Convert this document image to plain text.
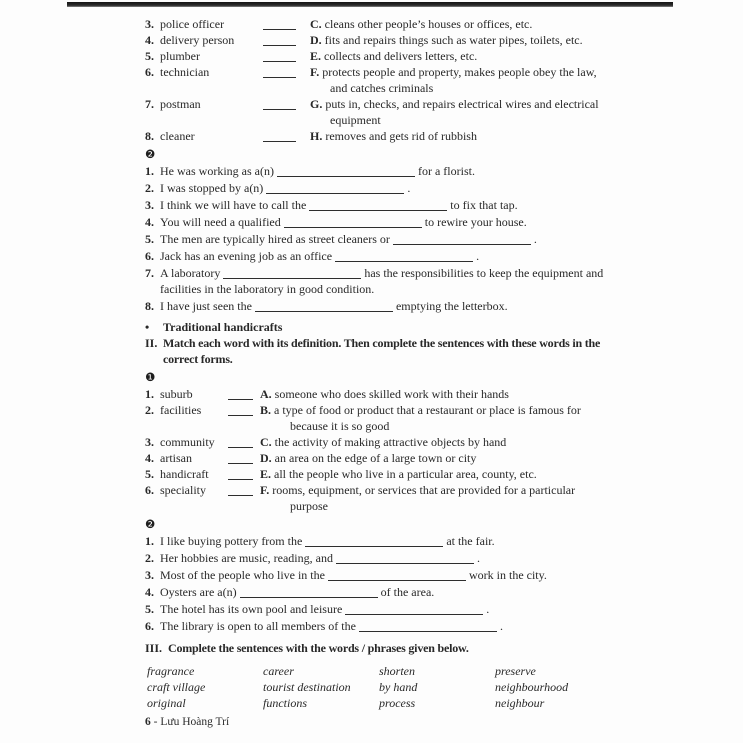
3. police officer	C. cleans other people’s houses or offices, etc.
4. delivery person	D. fits and repairs things such as water pipes, toilets, etc.
5. plumber	E. collects and delivers letters, etc.
6. technician	F. protects people and property, makes people obey the law, and catches criminals
7. postman	G. puts in, checks, and repairs electrical wires and electrical equipment
8. cleaner	H. removes and gets rid of rubbish
❷
1. He was working as a(n)	for a florist.
2. I was stopped by a(n)	.
3. I think we will have to call the	to fix that tap.
4. You will need a qualified	to rewire your house.
5. The men are typically hired as street cleaners or	.
6. Jack has an evening job as an office	.
7. A laboratory	has the responsibilities to keep the equipment and facilities in the laboratory in good condition.
8. I have just seen the	emptying the letterbox.
•	Traditional handicrafts
II. Match each word with its definition. Then complete the sentences with these words in the correct forms.
❶
1. suburb	A. someone who does skilled work with their hands
2. facilities	B. a type of food or product that a restaurant or place is famous for because it is so good
3. community	C. the activity of making attractive objects by hand
4. artisan	D. an area on the edge of a large town or city
5. handicraft	E. all the people who live in a particular area, county, etc.
6. speciality	F. rooms, equipment, or services that are provided for a particular purpose
❷
1. I like buying pottery from the	at the fair.
2. Her hobbies are music, reading, and	.
3. Most of the people who live in the	work in the city.
4. Oysters are a(n)	of the area.
5. The hotel has its own pool and leisure	.
6. The library is open to all members of the	.
III. Complete the sentences with the words / phrases given below.
fragrance	career	shorten	preserve
craft village	tourist destination	by hand	neighbourhood
original	functions	process	neighbour
6 - Lưu Hoàng Trí
